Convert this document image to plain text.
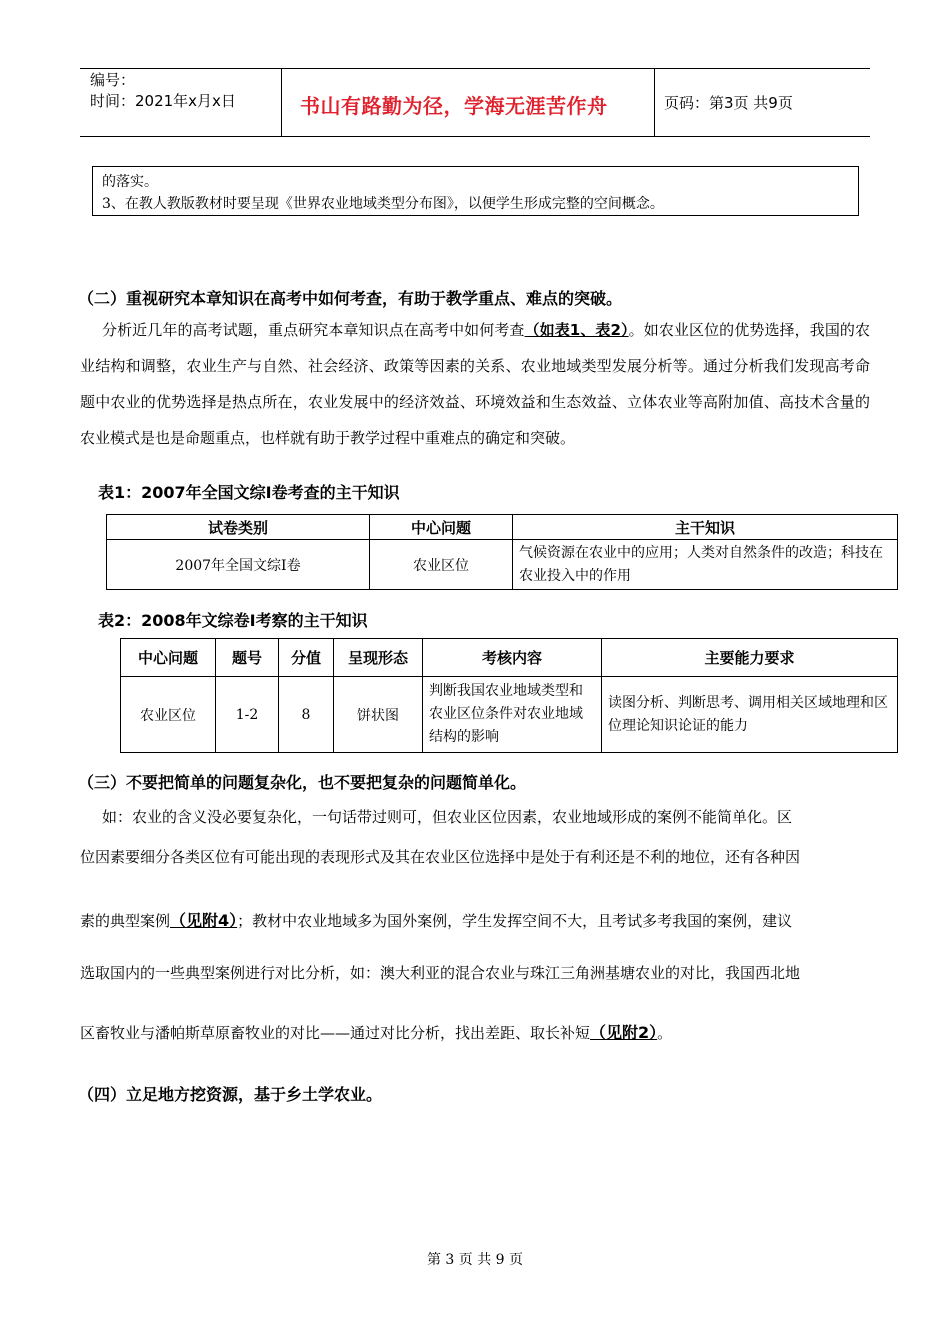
编号：
时间：2021年x月x日	书山有路勤为径，学海无涯苦作舟	页码：第3页 共9页
的落实。
3、在教人教版教材时要呈现《世界农业地域类型分布图》，以便学生形成完整的空间概念。
（二）重视研究本章知识在高考中如何考查，有助于教学重点、难点的突破。
分析近几年的高考试题，重点研究本章知识点在高考中如何考查（如表1、表2）。如农业区位的优势选择，我国的农业结构和调整，农业生产与自然、社会经济、政策等因素的关系、农业地域类型发展分析等。通过分析我们发现高考命题中农业的优势选择是热点所在，农业发展中的经济效益、环境效益和生态效益、立体农业等高附加值、高技术含量的农业模式是也是命题重点，也样就有助于教学过程中重难点的确定和突破。
表1：2007年全国文综Ⅰ卷考查的主干知识
试卷类别	中心问题	主干知识
2007年全国文综Ⅰ卷	农业区位	气候资源在农业中的应用；人类对自然条件的改造；科技在农业投入中的作用
表2：2008年文综卷Ⅰ考察的主干知识
中心问题	题号	分值	呈现形态	考核内容	主要能力要求
农业区位	1-2	8	饼状图	判断我国农业地域类型和农业区位条件对农业地域结构的影响	读图分析、判断思考、调用相关区域地理和区位理论知识论证的能力
（三）不要把简单的问题复杂化，也不要把复杂的问题简单化。
如：农业的含义没必要复杂化，一句话带过则可，但农业区位因素，农业地域形成的案例不能简单化。区
位因素要细分各类区位有可能出现的表现形式及其在农业区位选择中是处于有利还是不利的地位，还有各种因
素的典型案例（见附4）；教材中农业地域多为国外案例，学生发挥空间不大，且考试多考我国的案例，建议
选取国内的一些典型案例进行对比分析，如：澳大利亚的混合农业与珠江三角洲基塘农业的对比，我国西北地
区畜牧业与潘帕斯草原畜牧业的对比——通过对比分析，找出差距、取长补短（见附2）。
（四）立足地方挖资源，基于乡土学农业。
第 3 页 共 9 页
